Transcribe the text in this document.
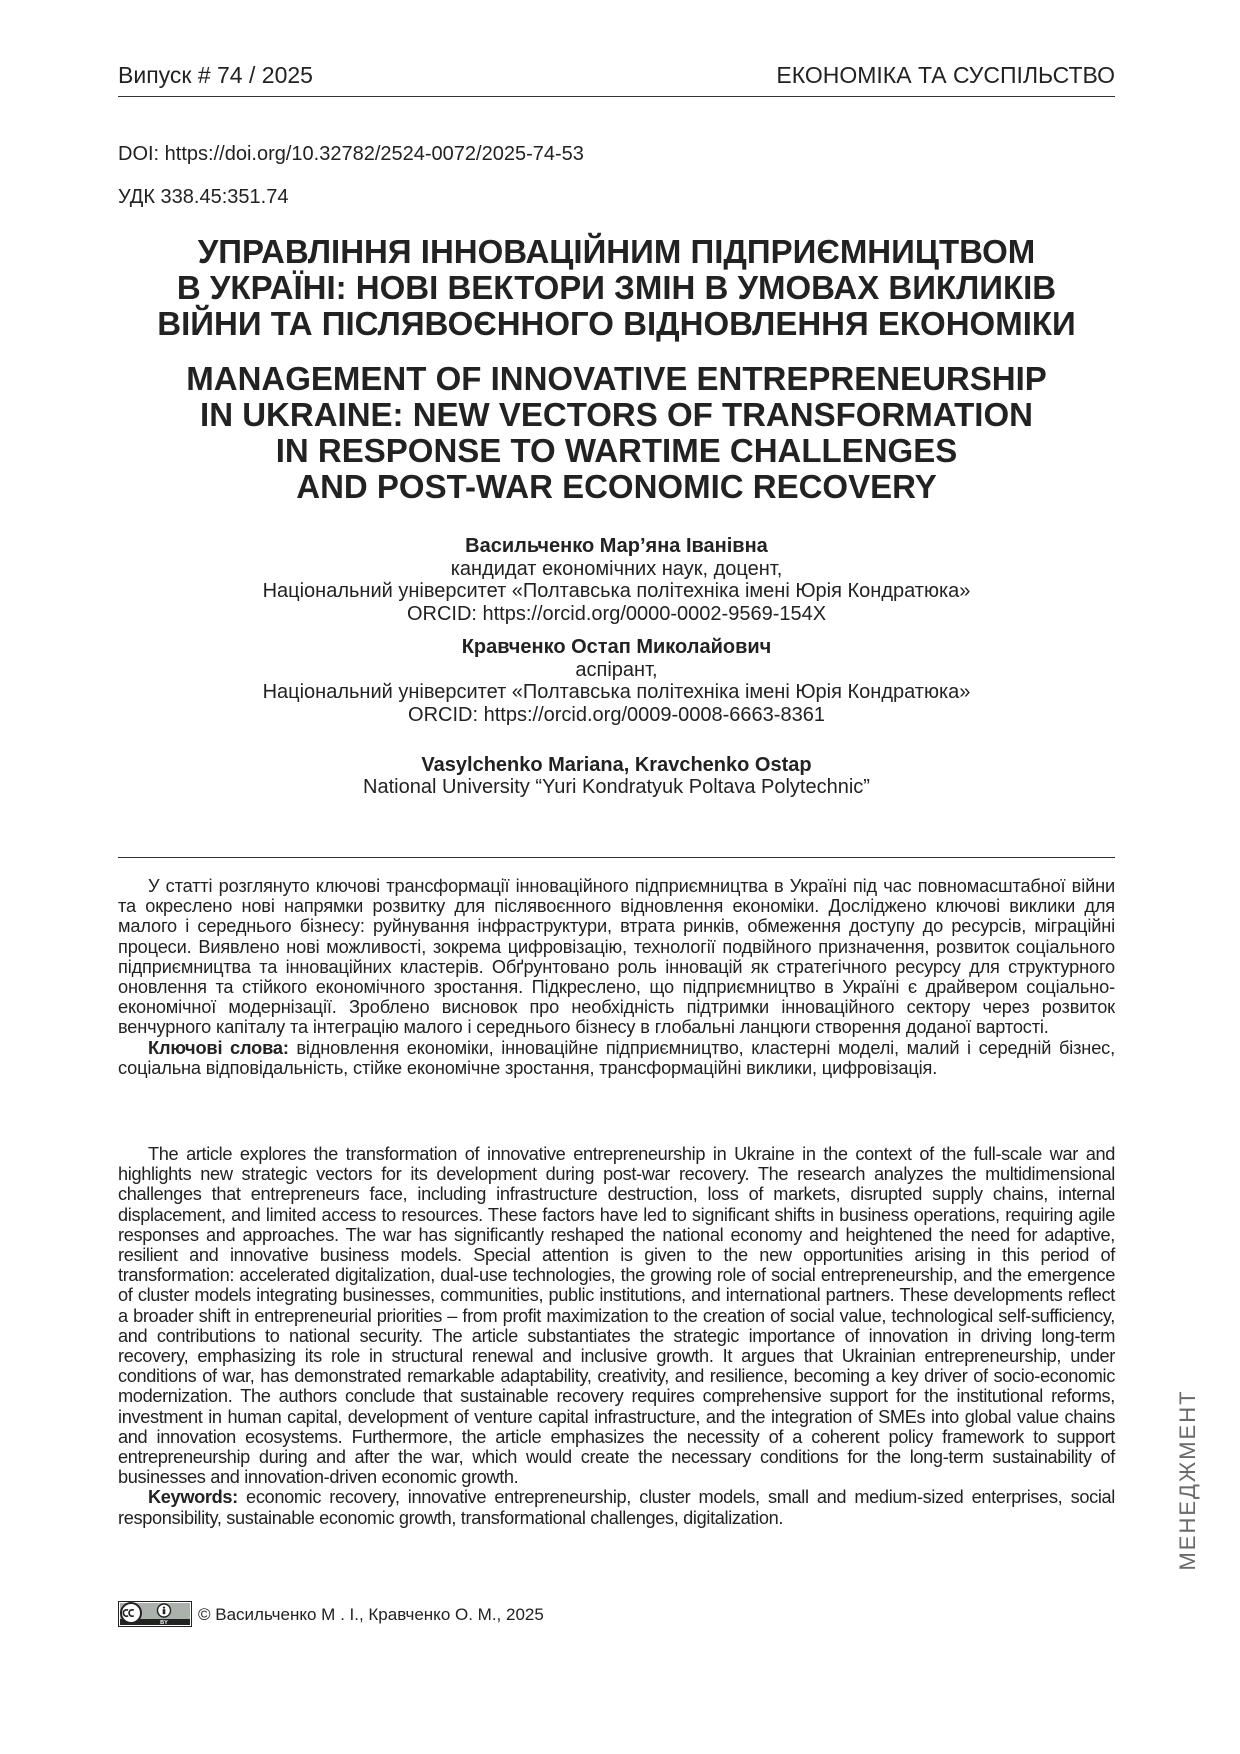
Випуск # 74 / 2025	ЕКОНОМІКА ТА СУСПІЛЬСТВО
DOI: https://doi.org/10.32782/2524-0072/2025-74-53
УДК 338.45:351.74
УПРАВЛІННЯ ІННОВАЦІЙНИМ ПІДПРИЄМНИЦТВОМ
В УКРАЇНІ: НОВІ ВЕКТОРИ ЗМІН В УМОВАХ ВИКЛИКІВ
ВІЙНИ ТА ПІСЛЯВОЄННОГО ВІДНОВЛЕННЯ ЕКОНОМІКИ
MANAGEMENT OF INNOVATIVE ENTREPRENEURSHIP
IN UKRAINE: NEW VECTORS OF TRANSFORMATION
IN RESPONSE TO WARTIME CHALLENGES
AND POST-WAR ECONOMIC RECOVERY
Васильченко Мар’яна Іванівна
кандидат економічних наук, доцент,
Національний університет «Полтавська політехніка імені Юрія Кондратюка»
ORCID: https://orcid.org/0000-0002-9569-154X
Кравченко Остап Миколайович
аспірант,
Національний університет «Полтавська політехніка імені Юрія Кондратюка»
ORCID: https://orcid.org/0009-0008-6663-8361
Vasylchenko Mariana, Kravchenko Ostap
National University “Yuri Kondratyuk Poltava Polytechnic”

У статті розглянуто ключові трансформації інноваційного підприємництва в Україні під час повномасштабної війни та окреслено нові напрямки розвитку для післявоєнного відновлення економіки. Досліджено ключові виклики для малого і середнього бізнесу: руйнування інфраструктури, втрата ринків, обмеження доступу до ресурсів, міграційні процеси. Виявлено нові можливості, зокрема цифровізацію, технології подвійного призначення, розвиток соціального підприємництва та інноваційних кластерів. Обґрунтовано роль інновацій як стратегічного ресурсу для структурного оновлення та стійкого економічного зростання. Підкреслено, що підприємництво в Україні є драйвером соціально-економічної модернізації. Зроблено висновок про необхідність підтримки інноваційного сектору через розвиток венчурного капіталу та інтеграцію малого і середнього бізнесу в глобальні ланцюги створення доданої вартості.

Ключові слова: відновлення економіки, інноваційне підприємництво, кластерні моделі, малий і середній бізнес, соціальна відповідальність, стійке економічне зростання, трансформаційні виклики, цифровізація.

The article explores the transformation of innovative entrepreneurship in Ukraine in the context of the full-scale war and highlights new strategic vectors for its development during post-war recovery. The research analyzes the multidimensional challenges that entrepreneurs face, including infrastructure destruction, loss of markets, disrupted supply chains, internal displacement, and limited access to resources. These factors have led to significant shifts in business operations, requiring agile responses and approaches. The war has significantly reshaped the national economy and heightened the need for adaptive, resilient and innovative business models. Special attention is given to the new opportunities arising in this period of transformation: accelerated digitalization, dual-use technologies, the growing role of social entrepreneurship, and the emergence of cluster models integrating businesses, communities, public institutions, and international partners. These developments reflect a broader shift in entrepreneurial priorities – from profit maximization to the creation of social value, technological self-sufficiency, and contributions to national security. The article substantiates the strategic importance of innovation in driving long-term recovery, emphasizing its role in structural renewal and inclusive growth. It argues that Ukrainian entrepreneurship, under conditions of war, has demonstrated remarkable adaptability, creativity, and resilience, becoming a key driver of socio-economic modernization. The authors conclude that sustainable recovery requires comprehensive support for the institutional reforms, investment in human capital, development of venture capital infrastructure, and the integration of SMEs into global value chains and innovation ecosystems. Furthermore, the article emphasizes the necessity of a coherent policy framework to support entrepreneurship during and after the war, which would create the necessary conditions for the long-term sustainability of businesses and innovation-driven economic growth.

Keywords: economic recovery, innovative entrepreneurship, cluster models, small and medium-sized enterprises, social responsibility, sustainable economic growth, transformational challenges, digitalization.	МЕНЕДЖМЕНТ
BY © Васильченко М . І., Кравченко О. М., 2025
